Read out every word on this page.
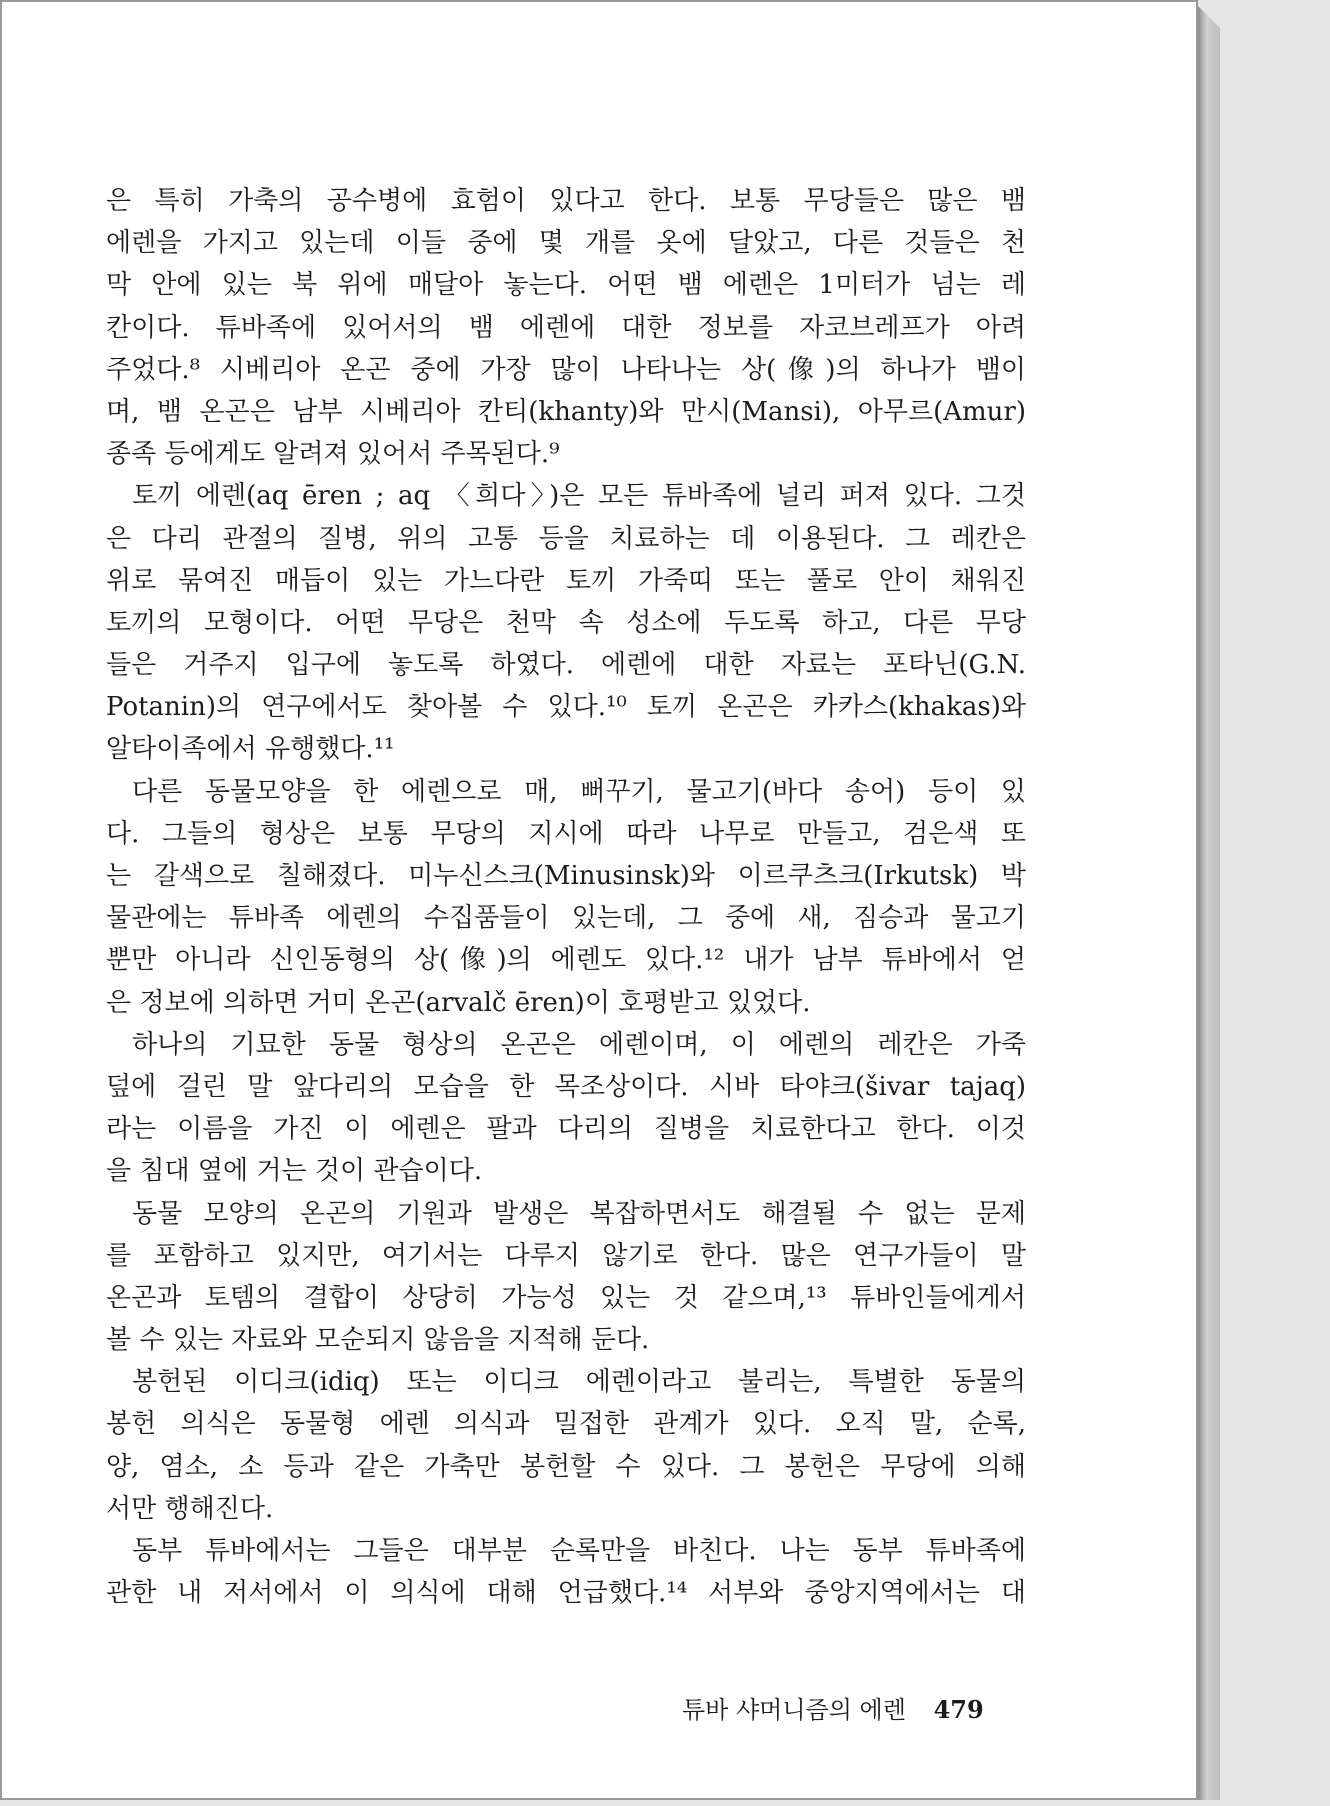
은 특히 가축의 공수병에 효험이 있다고 한다. 보통 무당들은 많은 뱀
에렌을 가지고 있는데 이들 중에 몇 개를 옷에 달았고, 다른 것들은 천
막 안에 있는 북 위에 매달아 놓는다. 어떤 뱀 에렌은 1미터가 넘는 레
칸이다. 튜바족에 있어서의 뱀 에렌에 대한 정보를 자코브레프가 아려
주었다.⁸ 시베리아 온곤 중에 가장 많이 나타나는 상(像)의 하나가 뱀이
며, 뱀 온곤은 남부 시베리아 칸티(khanty)와 만시(Mansi), 아무르(Amur)
종족 등에게도 알려져 있어서 주목된다.⁹
토끼 에렌(aq ēren ; aq 〈희다〉)은 모든 튜바족에 널리 퍼져 있다. 그것
은 다리 관절의 질병, 위의 고통 등을 치료하는 데 이용된다. 그 레칸은
위로 묶여진 매듭이 있는 가느다란 토끼 가죽띠 또는 풀로 안이 채워진
토끼의 모형이다. 어떤 무당은 천막 속 성소에 두도록 하고, 다른 무당
들은 거주지 입구에 놓도록 하였다. 에렌에 대한 자료는 포타닌(G.N.
Potanin)의 연구에서도 찾아볼 수 있다.¹⁰ 토끼 온곤은 카카스(khakas)와
알타이족에서 유행했다.¹¹
다른 동물모양을 한 에렌으로 매, 뻐꾸기, 물고기(바다 송어) 등이 있
다. 그들의 형상은 보통 무당의 지시에 따라 나무로 만들고, 검은색 또
는 갈색으로 칠해졌다. 미누신스크(Minusinsk)와 이르쿠츠크(Irkutsk) 박
물관에는 튜바족 에렌의 수집품들이 있는데, 그 중에 새, 짐승과 물고기
뿐만 아니라 신인동형의 상(像)의 에렌도 있다.¹² 내가 남부 튜바에서 얻
은 정보에 의하면 거미 온곤(arvalč ēren)이 호평받고 있었다.
하나의 기묘한 동물 형상의 온곤은 에렌이며, 이 에렌의 레칸은 가죽
덮에 걸린 말 앞다리의 모습을 한 목조상이다. 시바 타야크(šivar tajaq)
라는 이름을 가진 이 에렌은 팔과 다리의 질병을 치료한다고 한다. 이것
을 침대 옆에 거는 것이 관습이다.
동물 모양의 온곤의 기원과 발생은 복잡하면서도 해결될 수 없는 문제
를 포함하고 있지만, 여기서는 다루지 않기로 한다. 많은 연구가들이 말
온곤과 토템의 결합이 상당히 가능성 있는 것 같으며,¹³ 튜바인들에게서
볼 수 있는 자료와 모순되지 않음을 지적해 둔다.
봉헌된 이디크(idiq) 또는 이디크 에렌이라고 불리는, 특별한 동물의
봉헌 의식은 동물형 에렌 의식과 밀접한 관계가 있다. 오직 말, 순록,
양, 염소, 소 등과 같은 가축만 봉헌할 수 있다. 그 봉헌은 무당에 의해
서만 행해진다.
동부 튜바에서는 그들은 대부분 순록만을 바친다. 나는 동부 튜바족에
관한 내 저서에서 이 의식에 대해 언급했다.¹⁴ 서부와 중앙지역에서는 대
튜바 샤머니즘의 에렌 479
